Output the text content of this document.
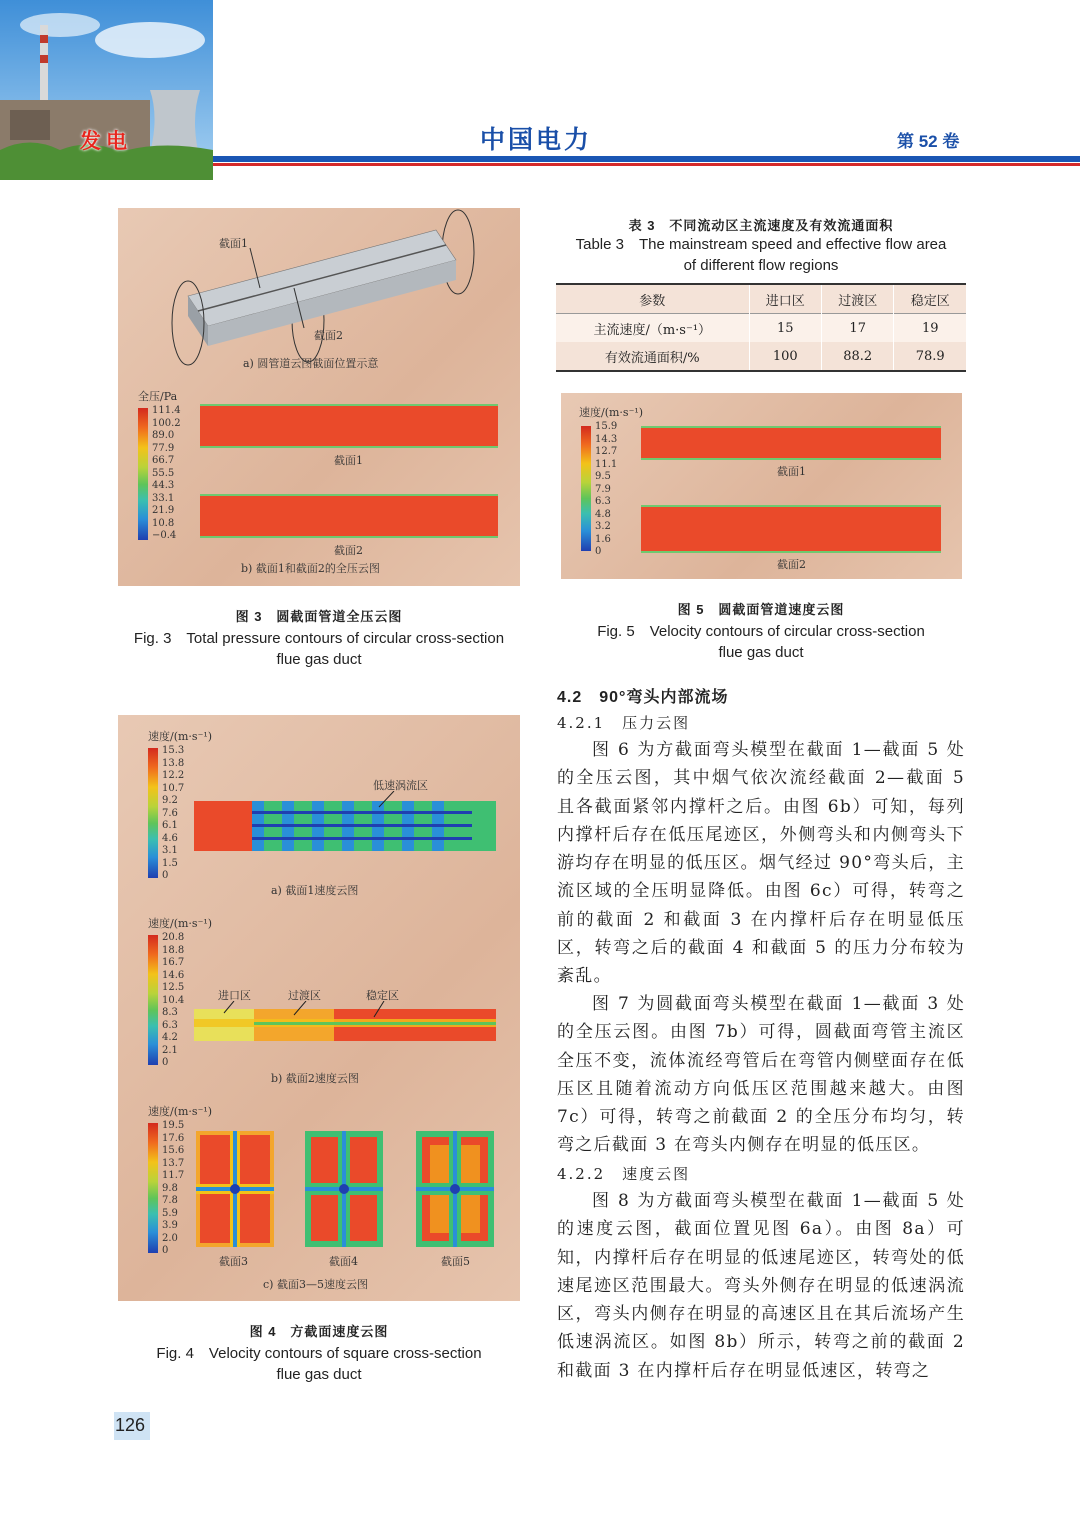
发电	中国电力	第 52 卷
截面1
截面2
a) 圆管道云图截面位置示意
全压/Pa
111.4
100.2
89.0
77.9
66.7
55.5
44.3
33.1
21.9
10.8
−0.4
截面1
截面2
b) 截面1和截面2的全压云图
图 3　圆截面管道全压云图
Fig. 3　Total pressure contours of circular cross-section
flue gas duct
速度/(m·s⁻¹)
15.3
13.8
12.2
10.7
9.2
7.6
6.1
4.6
3.1
1.5
0
低速涡流区
a) 截面1速度云图
速度/(m·s⁻¹)
20.8
18.8
16.7
14.6
12.5
10.4
8.3
6.3
4.2
2.1
0
进口区	过渡区	稳定区
b) 截面2速度云图
速度/(m·s⁻¹)
19.5
17.6
15.6
13.7
11.7
9.8
7.8
5.9
3.9
2.0
0
截面3	截面4	截面5
c) 截面3—5速度云图
图 4　方截面速度云图
Fig. 4　Velocity contours of square cross-section
flue gas duct
表 3　不同流动区主流速度及有效流通面积
Table 3　The mainstream speed and effective flow area
of different flow regions
参数	进口区	过渡区	稳定区
主流速度/（m·s⁻¹）	15	17	19
有效流通面积/%	100	88.2	78.9
速度/(m·s⁻¹)
15.9
14.3
12.7
11.1
9.5
7.9
6.3
4.8
3.2
1.6
0
截面1
截面2
图 5　圆截面管道速度云图
Fig. 5　Velocity contours of circular cross-section
flue gas duct
4.2　90°弯头内部流场
4.2.1　压力云图
图 6 为方截面弯头模型在截面 1—截面 5 处的全压云图，其中烟气依次流经截面 2—截面 5 且各截面紧邻内撑杆之后。由图 6b）可知，每列内撑杆后存在低压尾迹区，外侧弯头和内侧弯头下游均存在明显的低压区。烟气经过 90°弯头后，主流区域的全压明显降低。由图 6c）可得，转弯之前的截面 2 和截面 3 在内撑杆后存在明显低压区，转弯之后的截面 4 和截面 5 的压力分布较为紊乱。
图 7 为圆截面弯头模型在截面 1—截面 3 处的全压云图。由图 7b）可得，圆截面弯管主流区全压不变，流体流经弯管后在弯管内侧壁面存在低压区且随着流动方向低压区范围越来越大。由图 7c）可得，转弯之前截面 2 的全压分布均匀，转弯之后截面 3 在弯头内侧存在明显的低压区。
4.2.2　速度云图
图 8 为方截面弯头模型在截面 1—截面 5 处的速度云图，截面位置见图 6a）。由图 8a）可知，内撑杆后存在明显的低速尾迹区，转弯处的低速尾迹区范围最大。弯头外侧存在明显的低速涡流区，弯头内侧存在明显的高速区且在其后流场产生低速涡流区。如图 8b）所示，转弯之前的截面 2 和截面 3 在内撑杆后存在明显低速区，转弯之
126
